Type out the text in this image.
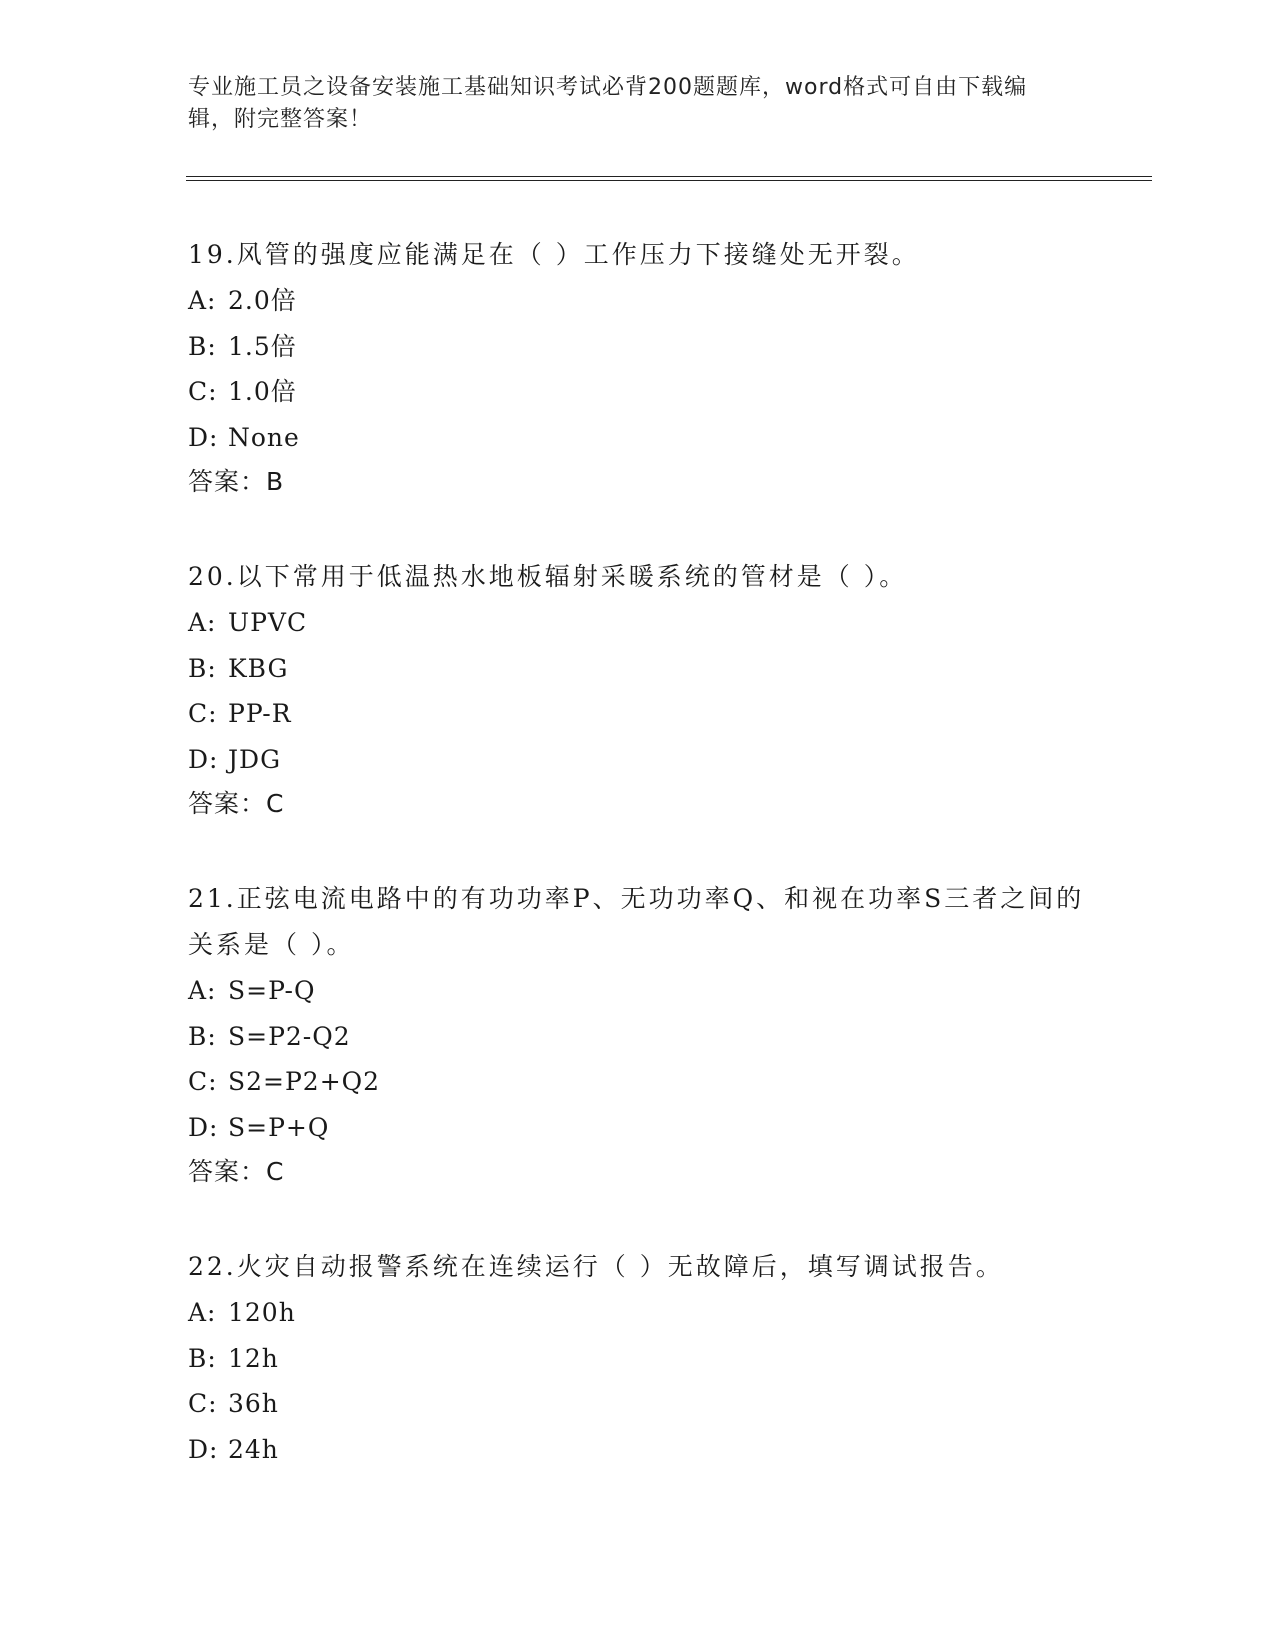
专业施工员之设备安装施工基础知识考试必背200题题库，word格式可自由下载编辑，附完整答案！

19.风管的强度应能满足在（ ）工作压力下接缝处无开裂。

A: 2.0倍

B: 1.5倍

C: 1.0倍

D: None

答案：B

20.以下常用于低温热水地板辐射采暖系统的管材是（ ）。

A: UPVC

B: KBG

C: PP-R

D: JDG

答案：C

21.正弦电流电路中的有功功率P、无功功率Q、和视在功率S三者之间的关系是（ ）。

A: S=P-Q

B: S=P2-Q2

C: S2=P2+Q2

D: S=P+Q

答案：C

22.火灾自动报警系统在连续运行（ ）无故障后，填写调试报告。

A: 120h

B: 12h

C: 36h

D: 24h
